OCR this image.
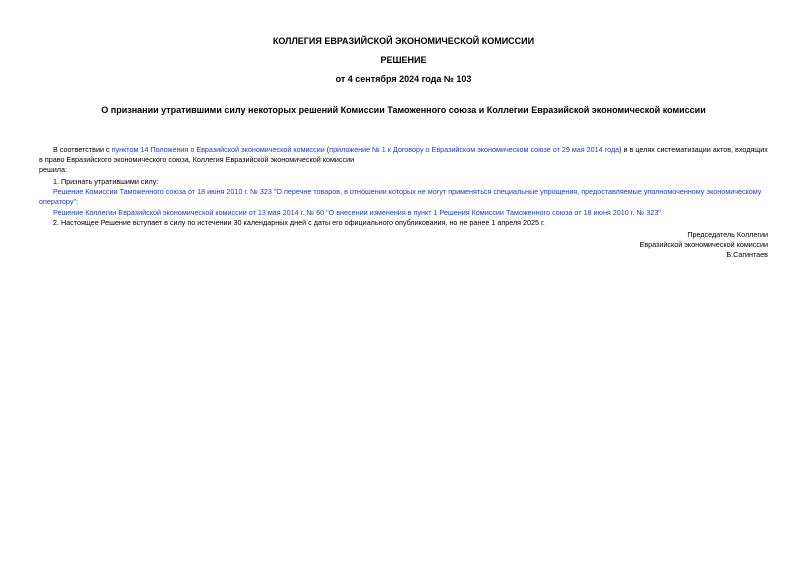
КОЛЛЕГИЯ ЕВРАЗИЙСКОЙ ЭКОНОМИЧЕСКОЙ КОМИССИИ
РЕШЕНИЕ
от 4 сентября 2024 года № 103
О признании утратившими силу некоторых решений Комиссии Таможенного союза и Коллегии Евразийской экономической комиссии
В соответствии с пунктом 14 Положения о Евразийской экономической комиссии (приложение № 1 к Договору о Евразийском экономическом союзе от 29 мая 2014 года) и в целях систематизации актов, входящих в право Евразийского экономического союза, Коллегия Евразийской экономической комиссии
решила:
1. Признать утратившими силу:
Решение Комиссии Таможенного союза от 18 июня 2010 г. № 323 "О перечне товаров, в отношении которых не могут применяться специальные упрощения, предоставляемые уполномоченному экономическому оператору";
Решение Коллегии Евразийской экономической комиссии от 13 мая 2014 г. № 60 "О внесении изменения в пункт 1 Решения Комиссии Таможенного союза от 18 июня 2010 г. № 323".
2. Настоящее Решение вступает в силу по истечении 30 календарных дней с даты его официального опубликования, но не ранее 1 апреля 2025 г.
Председатель Коллегии
Евразийской экономической комиссии
Б.Сагинтаев
